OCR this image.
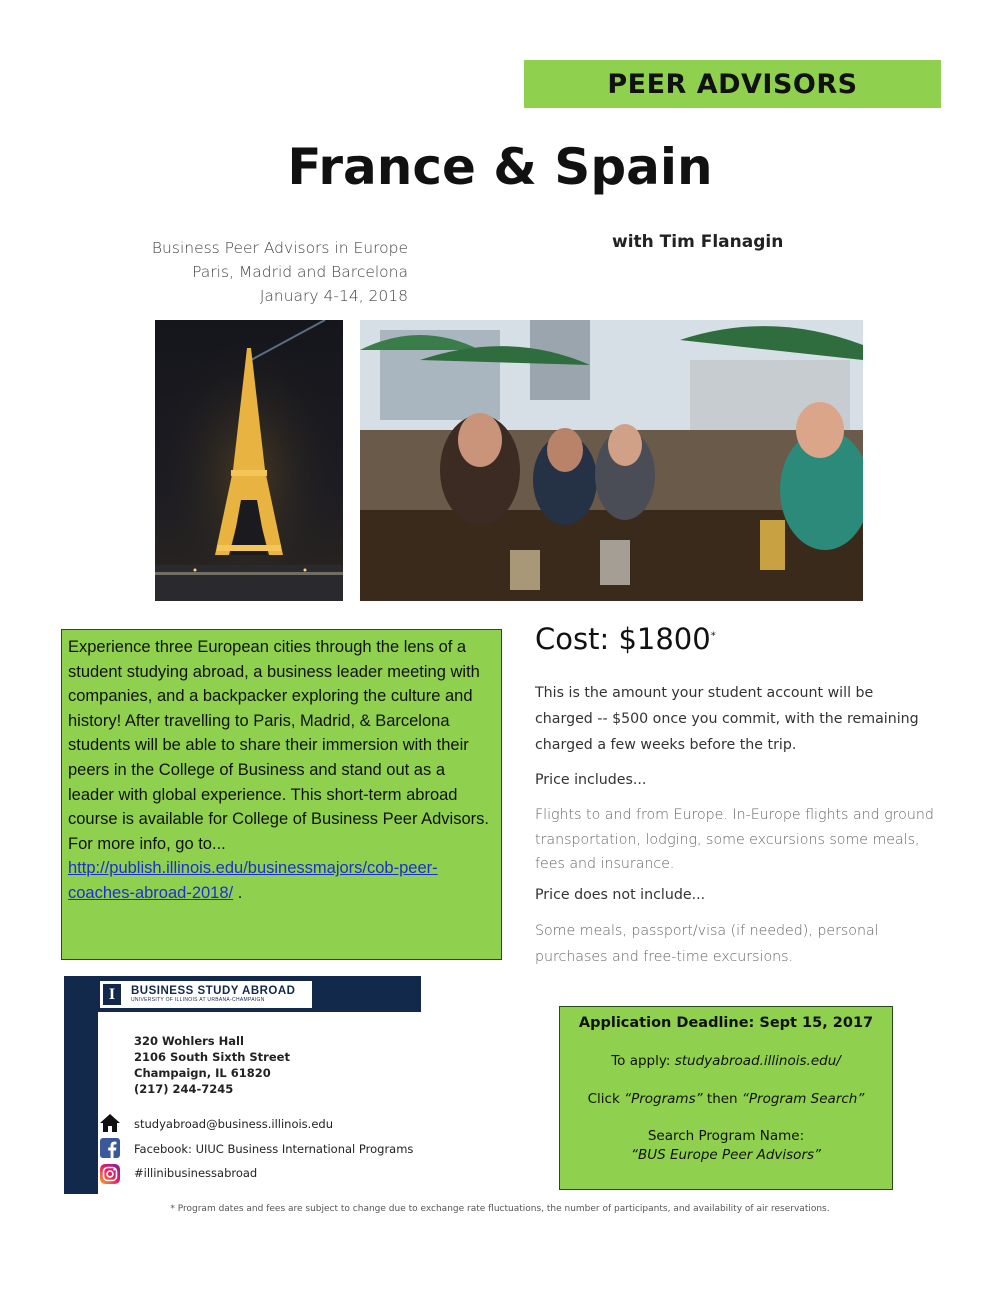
PEER ADVISORS
France & Spain
Business Peer Advisors in Europe
Paris, Madrid and Barcelona
January 4-14, 2018
with Tim Flanagin
Experience three European cities through the lens of a student studying abroad, a business leader meeting with companies, and a backpacker exploring the culture and history! After travelling to Paris, Madrid, & Barcelona students will be able to share their immersion with their peers in the College of Business and stand out as a leader with global experience. This short-term abroad course is available for College of Business Peer Advisors. For more info, go to...
http://publish.illinois.edu/businessmajors/cob-peer-coaches-abroad-2018/ .
Cost: $1800*
This is the amount your student account will be charged -- $500 once you commit, with the remaining charged a few weeks before the trip.
Price includes...
Flights to and from Europe. In-Europe flights and ground transportation, lodging, some excursions some meals, fees and insurance.
Price does not include...
Some meals, passport/visa (if needed), personal purchases and free-time excursions.
I	BUSINESS STUDY ABROAD
UNIVERSITY OF ILLINOIS AT URBANA-CHAMPAIGN
320 Wohlers Hall
2106 South Sixth Street
Champaign, IL 61820
(217) 244-7245
studyabroad@business.illinois.edu
Facebook: UIUC Business International Programs
#illinibusinessabroad
Application Deadline: Sept 15, 2017
To apply: studyabroad.illinois.edu/
Click “Programs” then “Program Search”
Search Program Name:
“BUS Europe Peer Advisors”
* Program dates and fees are subject to change due to exchange rate fluctuations, the number of participants, and availability of air reservations.
